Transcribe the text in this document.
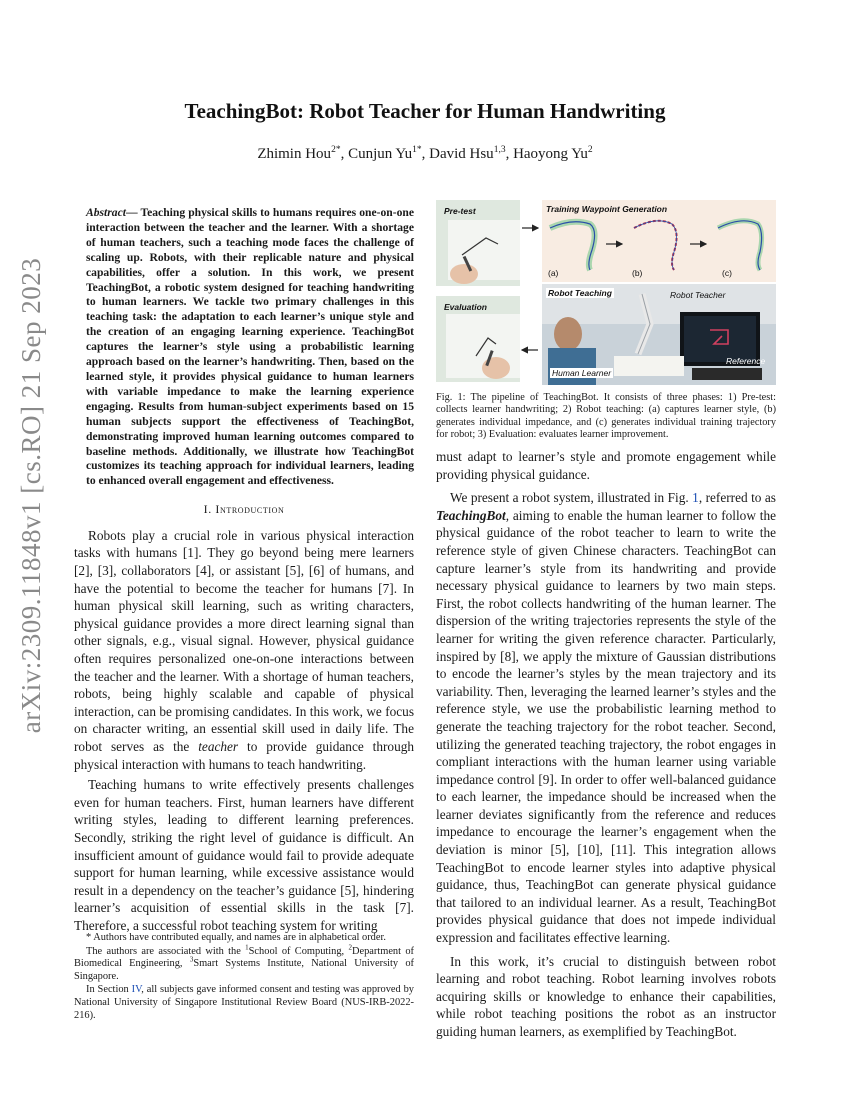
arXiv:2309.11848v1 [cs.RO] 21 Sep 2023
TeachingBot: Robot Teacher for Human Handwriting
Zhimin Hou$^{2*}$, Cunjun $Yu^{1*}$, David Hsu$^{1,3}$, Haoyong Yu$^2$

Abstract— Teaching physical skills to humans requires one-on-one interaction between the teacher and the learner. With a shortage of human teachers, such a teaching mode faces the challenge of scaling up. Robots, with their replicable nature and physical capabilities, offer a solution. In this work, we present TeachingBot, a robotic system designed for teaching handwriting to human learners. We tackle two primary challenges in this teaching task: the adaptation to each learner’s unique style and the creation of an engaging learning experience. TeachingBot captures the learner’s style using a probabilistic learning approach based on the learner’s handwriting. Then, based on the learned style, it provides physical guidance to human learners with variable impedance to make the learning experience engaging. Results from human-subject experiments based on 15 human subjects support the effectiveness of TeachingBot, demonstrating improved human learning outcomes compared to baseline methods. Additionally, we illustrate how TeachingBot customizes its teaching approach for individual learners, leading to enhanced overall engagement and effectiveness.

I. Introduction

Robots play a crucial role in various physical interaction tasks with humans [1]. They go beyond being mere learners [2], [3], collaborators [4], or assistant [5], [6] of humans, and have the potential to become the teacher for humans [7]. In human physical skill learning, such as writing characters, physical guidance provides a more direct learning signal than other signals, e.g., visual signal. However, physical guidance often requires personalized one-on-one interactions between the teacher and the learner. With a shortage of human teachers, robots, being highly scalable and capable of physical interaction, can be promising candidates. In this work, we focus on character writing, an essential skill used in daily life. The robot serves as the teacher to provide guidance through physical interaction with humans to teach handwriting.

Teaching humans to write effectively presents challenges even for human teachers. First, human learners have different writing styles, leading to different learning preferences. Secondly, striking the right level of guidance is difficult. An insufficient amount of guidance would fail to provide adequate support for human learning, while excessive assistance would result in a dependency on the teacher’s guidance [5], hindering learner’s acquisition of essential skills in the task [7]. Therefore, a successful robot teaching system for writing

* Authors have contributed equally, and names are in alphabetical order.

The authors are associated with the $^1$School of Computing, $^2$Department of Biomedical Engineering, $^3$Smart Systems Institute, National University of Singapore.

In Section IV, all subjects gave informed consent and testing was approved by National University of Singapore Institutional Review Board (NUS-IRB-2022-216).

Pre-test
Evaluation
Training Waypoint Generation
(a)	(b)	(c)
Robot Teaching	Robot Teacher
Reference
Human Learner
Fig. 1: The pipeline of TeachingBot. It consists of three phases: 1) Pre-test: collects learner handwriting; 2) Robot teaching: (a) captures learner style, (b) generates individual impedance, and (c) generates individual training trajectory for robot; 3) Evaluation: evaluates learner improvement.

must adapt to learner’s style and promote engagement while providing physical guidance.

We present a robot system, illustrated in Fig. 1, referred to as TeachingBot, aiming to enable the human learner to follow the physical guidance of the robot teacher to learn to write the reference style of given Chinese characters. TeachingBot can capture learner’s style from its handwriting and provide necessary physical guidance to learners by two main steps. First, the robot collects handwriting of the human learner. The dispersion of the writing trajectories represents the style of the learner for writing the given reference character. Particularly, inspired by [8], we apply the mixture of Gaussian distributions to encode the learner’s styles by the mean trajectory and its variability. Then, leveraging the learned learner’s styles and the reference style, we use the probabilistic learning method to generate the teaching trajectory for the robot teacher. Second, utilizing the generated teaching trajectory, the robot engages in compliant interactions with the human learner using variable impedance control [9]. In order to offer well-balanced guidance to each learner, the impedance should be increased when the learner deviates significantly from the reference and reduces impedance to encourage the learner’s engagement when the deviation is minor [5], [10], [11]. This integration allows TeachingBot to encode learner styles into adaptive physical guidance, thus, TeachingBot can generate physical guidance that tailored to an individual learner. As a result, TeachingBot provides physical guidance that does not impede individual expression and facilitates effective learning.

In this work, it’s crucial to distinguish between robot learning and robot teaching. Robot learning involves robots acquiring skills or knowledge to enhance their capabilities, while robot teaching positions the robot as an instructor guiding human learners, as exemplified by TeachingBot.
